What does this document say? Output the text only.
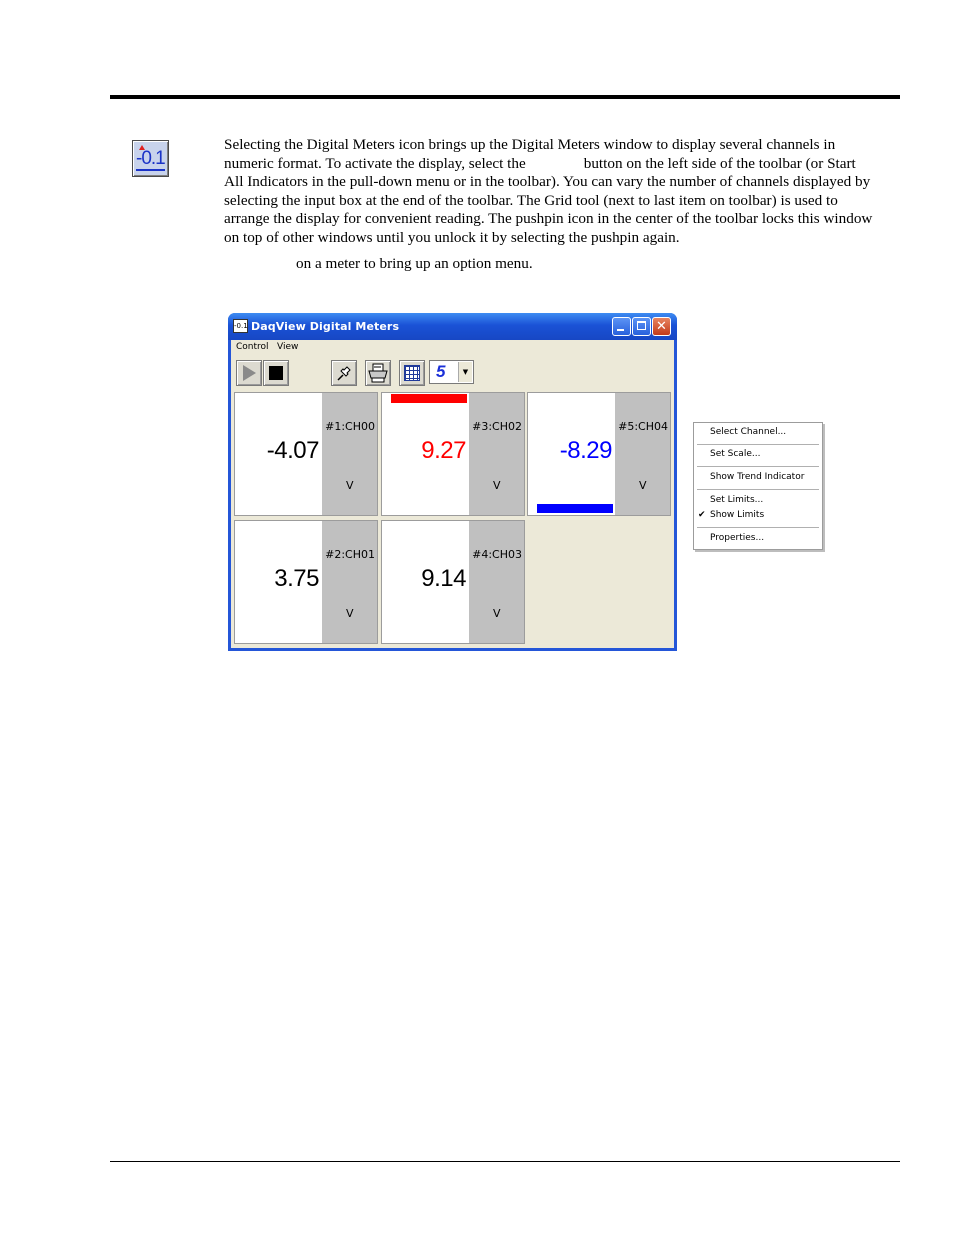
-0.1

Selecting the Digital Meters icon brings up the Digital Meters window to display several channels in

numeric format. To activate the display, select the	button on the left side of the toolbar (or Start

All Indicators in the pull-down menu or in the toolbar). You can vary the number of channels displayed by

selecting the input box at the end of the toolbar. The Grid tool (next to last item on toolbar) is used to

arrange the display for convenient reading. The pushpin icon in the center of the toolbar locks this window

on top of other windows until you unlock it by selecting the pushpin again.

on a meter to bring up an option menu.
-0.1 DaqView Digital Meters	✕
Control View
5	▼
-4.07
#1:CH00
V
9.27
#3:CH02
V
-8.29
#5:CH04
V
3.75
#2:CH01
V
9.14
#4:CH03
V
Select Channel...
Set Scale...
Show Trend Indicator
Set Limits...
✔ Show Limits
Properties...
